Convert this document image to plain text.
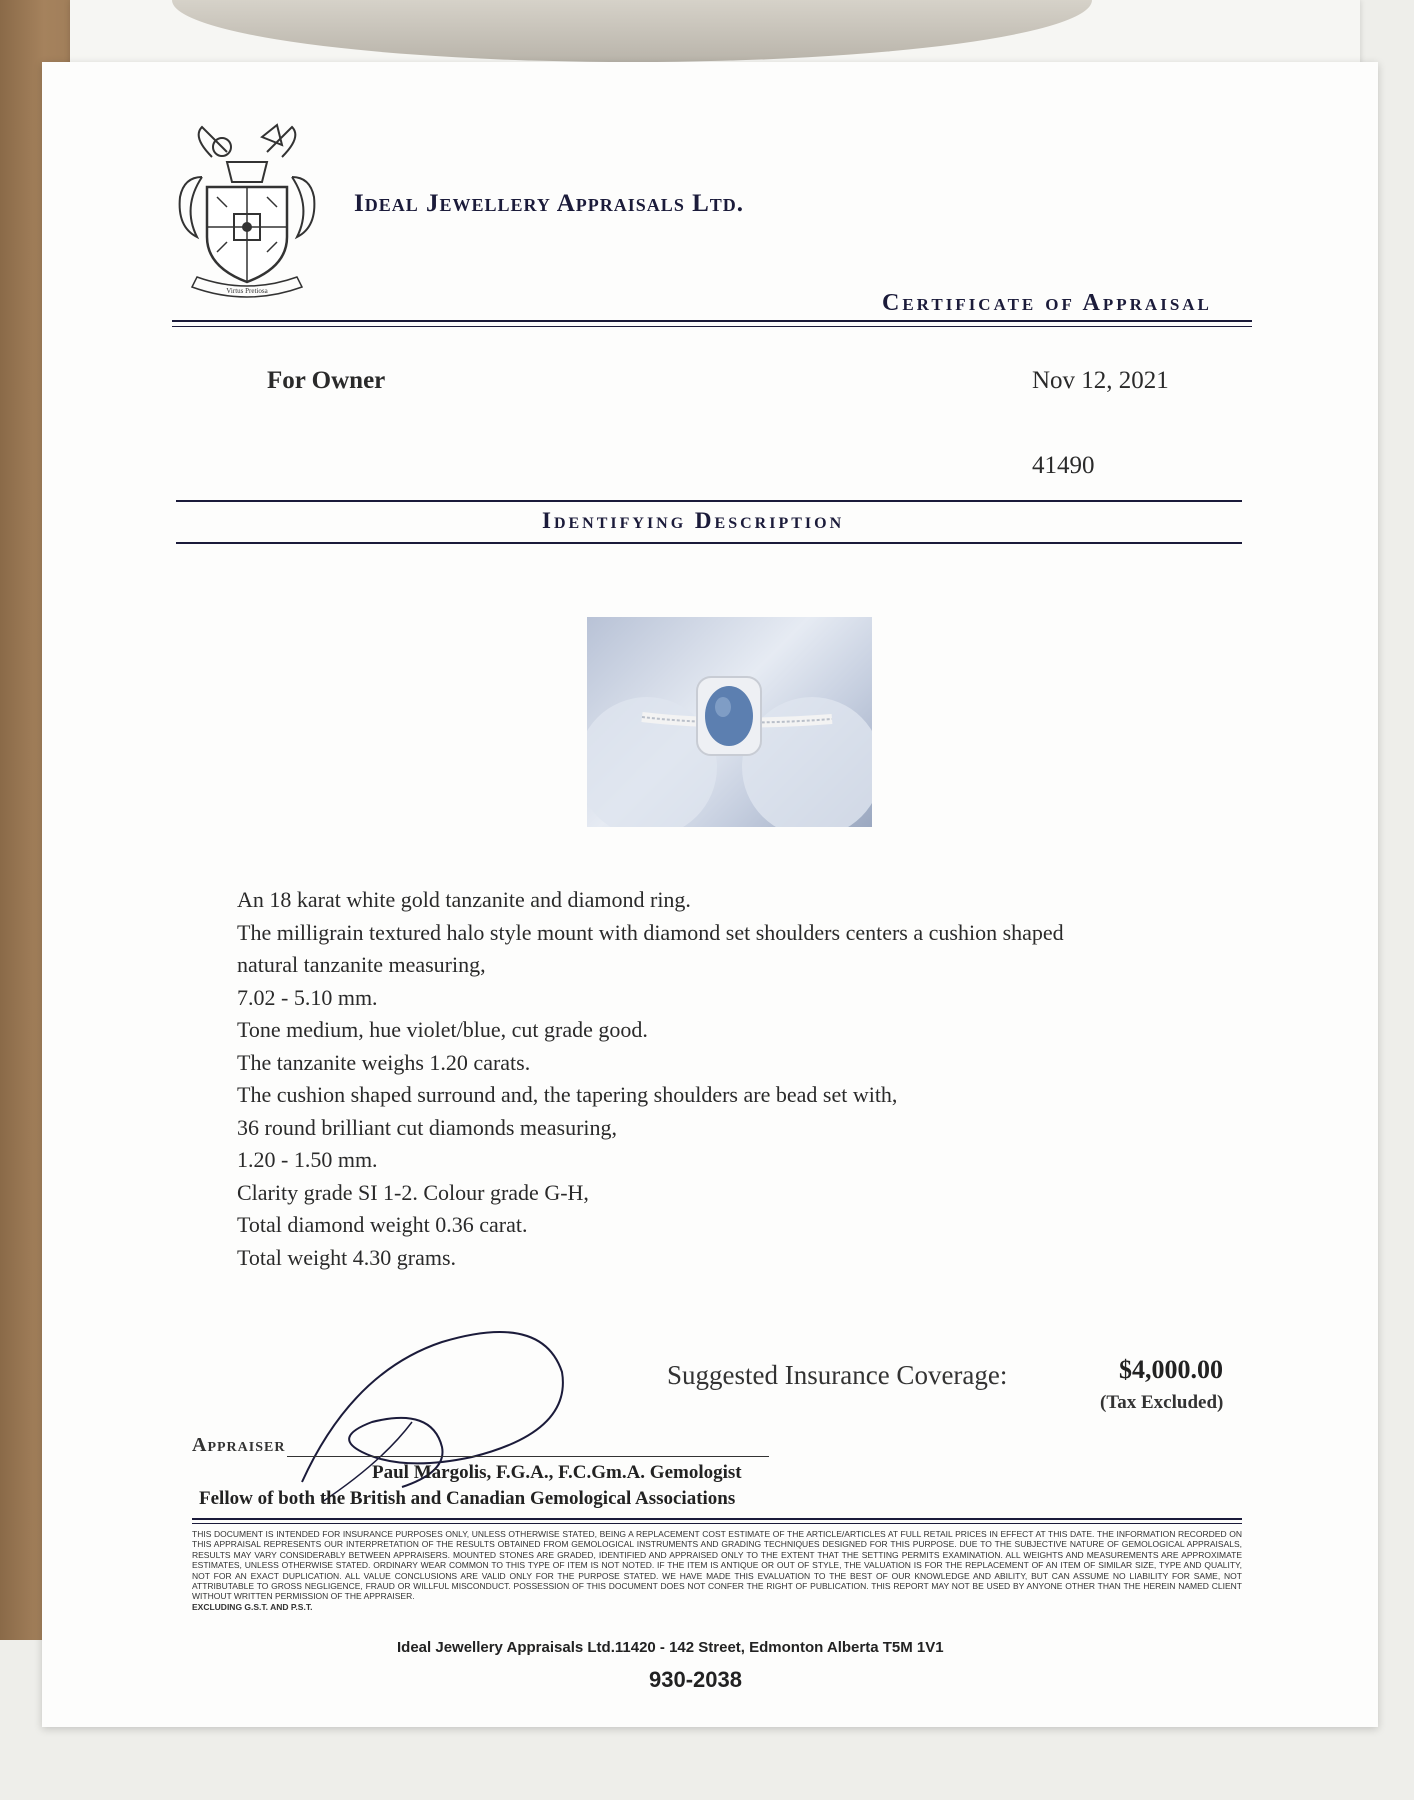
Virtus Pretiosa
Ideal Jewellery Appraisals Ltd.
Certificate of Appraisal
For Owner	Nov 12, 2021
41490
Identifying Description
An 18 karat white gold tanzanite and diamond ring.
The milligrain textured halo style mount with diamond set shoulders centers a cushion shaped
natural tanzanite measuring,
7.02 - 5.10 mm.
Tone medium, hue violet/blue, cut grade good.
The tanzanite weighs 1.20 carats.
The cushion shaped surround and, the tapering shoulders are bead set with,
36 round brilliant cut diamonds measuring,
1.20 - 1.50 mm.
Clarity grade SI 1-2. Colour grade G-H,
Total diamond weight 0.36 carat.
Total weight 4.30 grams.
Suggested Insurance Coverage:	$4,000.00
(Tax Excluded)
Appraiser
Paul Margolis, F.G.A., F.C.Gm.A. Gemologist
Fellow of both the British and Canadian Gemological Associations
THIS DOCUMENT IS INTENDED FOR INSURANCE PURPOSES ONLY, UNLESS OTHERWISE STATED, BEING A REPLACEMENT COST ESTIMATE OF THE ARTICLE/ARTICLES AT FULL RETAIL PRICES IN EFFECT AT THIS DATE. THE INFORMATION RECORDED ON THIS APPRAISAL REPRESENTS OUR INTERPRETATION OF THE RESULTS OBTAINED FROM GEMOLOGICAL INSTRUMENTS AND GRADING TECHNIQUES DESIGNED FOR THIS PURPOSE. DUE TO THE SUBJECTIVE NATURE OF GEMOLOGICAL APPRAISALS, RESULTS MAY VARY CONSIDERABLY BETWEEN APPRAISERS. MOUNTED STONES ARE GRADED, IDENTIFIED AND APPRAISED ONLY TO THE EXTENT THAT THE SETTING PERMITS EXAMINATION. ALL WEIGHTS AND MEASUREMENTS ARE APPROXIMATE ESTIMATES, UNLESS OTHERWISE STATED. ORDINARY WEAR COMMON TO THIS TYPE OF ITEM IS NOT NOTED. IF THE ITEM IS ANTIQUE OR OUT OF STYLE, THE VALUATION IS FOR THE REPLACEMENT OF AN ITEM OF SIMILAR SIZE, TYPE AND QUALITY, NOT FOR AN EXACT DUPLICATION. ALL VALUE CONCLUSIONS ARE VALID ONLY FOR THE PURPOSE STATED. WE HAVE MADE THIS EVALUATION TO THE BEST OF OUR KNOWLEDGE AND ABILITY, BUT CAN ASSUME NO LIABILITY FOR SAME, NOT ATTRIBUTABLE TO GROSS NEGLIGENCE, FRAUD OR WILLFUL MISCONDUCT. POSSESSION OF THIS DOCUMENT DOES NOT CONFER THE RIGHT OF PUBLICATION. THIS REPORT MAY NOT BE USED BY ANYONE OTHER THAN THE HEREIN NAMED CLIENT WITHOUT WRITTEN PERMISSION OF THE APPRAISER.
EXCLUDING G.S.T. AND P.S.T.
Ideal Jewellery Appraisals Ltd.11420 - 142 Street, Edmonton Alberta T5M 1V1
930-2038
